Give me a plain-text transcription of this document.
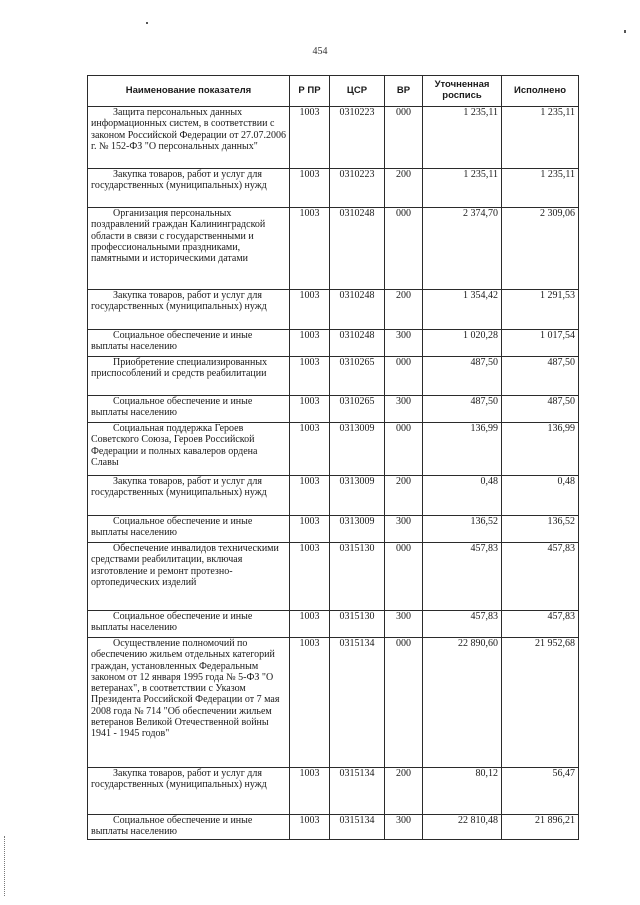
454
Наименование показателя	Р ПР	ЦСР	ВР	Уточненная роспись	Исполнено
Защита персональных данных информационных систем, в соответствии с законом Российской Федерации от 27.07.2006 г. № 152-ФЗ "О персональных данных"	1003	0310223	000	1 235,11	1 235,11
Закупка товаров, работ и услуг для государственных (муниципальных) нужд	1003	0310223	200	1 235,11	1 235,11
Организация персональных поздравлений граждан Калининградской области в связи с государственными и профессиональными праздниками, памятными и историческими датами	1003	0310248	000	2 374,70	2 309,06
Закупка товаров, работ и услуг для государственных (муниципальных) нужд	1003	0310248	200	1 354,42	1 291,53
Социальное обеспечение и иные выплаты населению	1003	0310248	300	1 020,28	1 017,54
Приобретение специализированных приспособлений и средств реабилитации	1003	0310265	000	487,50	487,50
Социальное обеспечение и иные выплаты населению	1003	0310265	300	487,50	487,50
Социальная поддержка Героев Советского Союза, Героев Российской Федерации и полных кавалеров ордена Славы	1003	0313009	000	136,99	136,99
Закупка товаров, работ и услуг для государственных (муниципальных) нужд	1003	0313009	200	0,48	0,48
Социальное обеспечение и иные выплаты населению	1003	0313009	300	136,52	136,52
Обеспечение инвалидов техническими средствами реабилитации, включая изготовление и ремонт протезно-ортопедических изделий	1003	0315130	000	457,83	457,83
Социальное обеспечение и иные выплаты населению	1003	0315130	300	457,83	457,83
Осуществление полномочий по обеспечению жильем отдельных категорий граждан, установленных Федеральным законом от 12 января 1995 года № 5-ФЗ "О ветеранах", в соответствии с Указом Президента Российской Федерации от 7 мая 2008 года № 714 "Об обеспечении жильем ветеранов Великой Отечественной войны 1941 - 1945 годов"	1003	0315134	000	22 890,60	21 952,68
Закупка товаров, работ и услуг для государственных (муниципальных) нужд	1003	0315134	200	80,12	56,47
Социальное обеспечение и иные выплаты населению	1003	0315134	300	22 810,48	21 896,21
